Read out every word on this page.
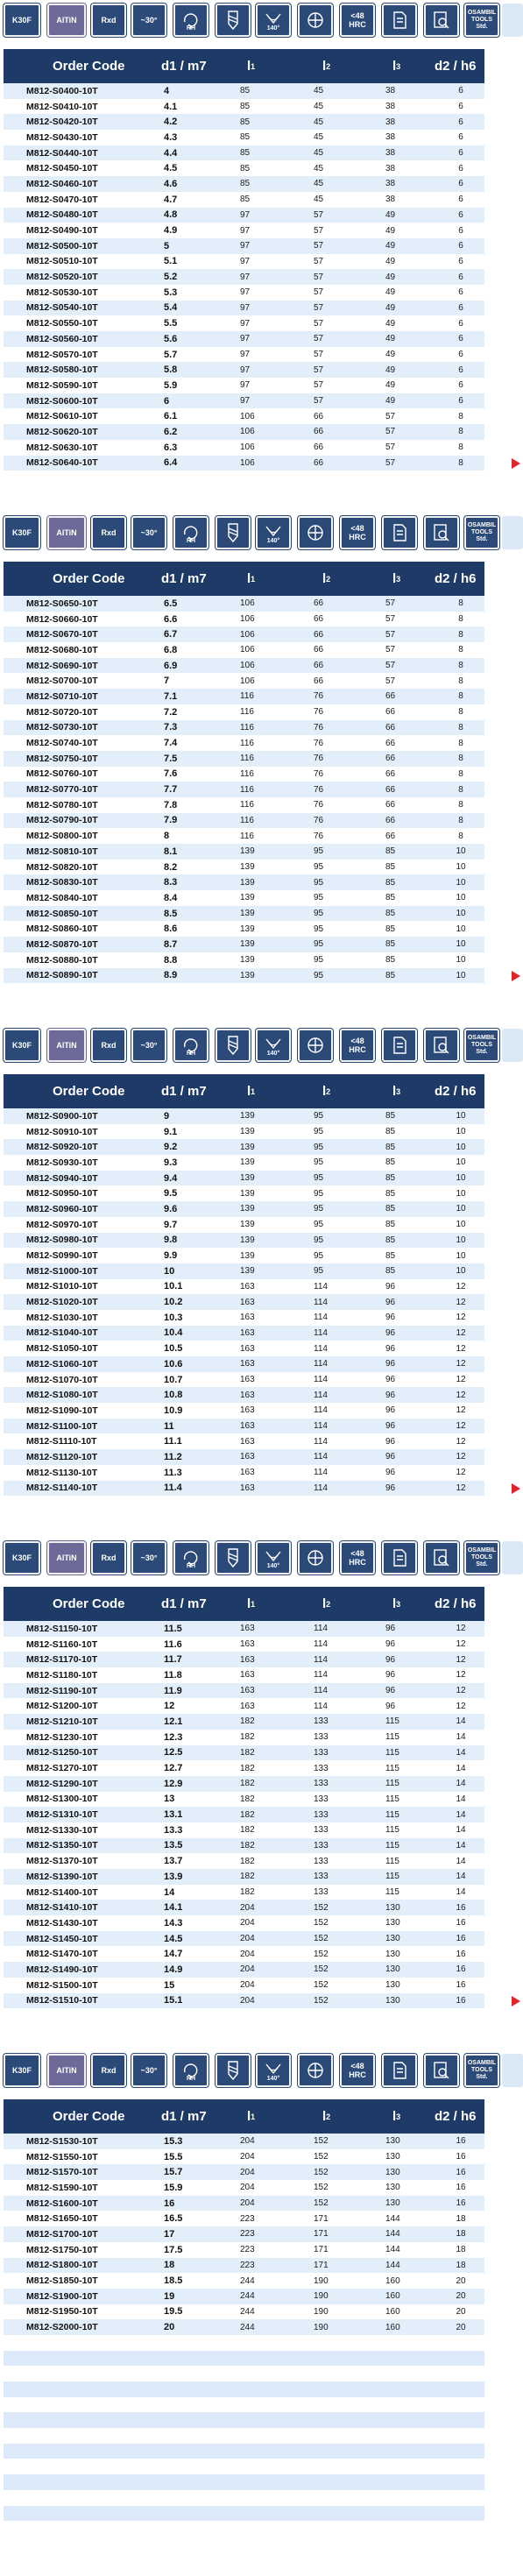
K30F	AlTiN	Rxd	~30°
RH	140°
<48 HRC
OSAMBIL
TOOLS
Std.
Order Code	d1 / m7	l 1	l 2	l 3	d2 / h6
M812-S0400-10T	4	85	45	38	6
M812-S0410-10T	4.1	85	45	38	6
M812-S0420-10T	4.2	85	45	38	6
M812-S0430-10T	4.3	85	45	38	6
M812-S0440-10T	4.4	85	45	38	6
M812-S0450-10T	4.5	85	45	38	6
M812-S0460-10T	4.6	85	45	38	6
M812-S0470-10T	4.7	85	45	38	6
M812-S0480-10T	4.8	97	57	49	6
M812-S0490-10T	4.9	97	57	49	6
M812-S0500-10T	5	97	57	49	6
M812-S0510-10T	5.1	97	57	49	6
M812-S0520-10T	5.2	97	57	49	6
M812-S0530-10T	5.3	97	57	49	6
M812-S0540-10T	5.4	97	57	49	6
M812-S0550-10T	5.5	97	57	49	6
M812-S0560-10T	5.6	97	57	49	6
M812-S0570-10T	5.7	97	57	49	6
M812-S0580-10T	5.8	97	57	49	6
M812-S0590-10T	5.9	97	57	49	6
M812-S0600-10T	6	97	57	49	6
M812-S0610-10T	6.1	106	66	57	8
M812-S0620-10T	6.2	106	66	57	8
M812-S0630-10T	6.3	106	66	57	8
M812-S0640-10T	6.4	106	66	57	8
K30F	AlTiN	Rxd	~30°
RH	140°
<48 HRC
OSAMBIL
TOOLS
Std.
Order Code	d1 / m7	l 1	l 2	l 3	d2 / h6
M812-S0650-10T	6.5	106	66	57	8
M812-S0660-10T	6.6	106	66	57	8
M812-S0670-10T	6.7	106	66	57	8
M812-S0680-10T	6.8	106	66	57	8
M812-S0690-10T	6.9	106	66	57	8
M812-S0700-10T	7	106	66	57	8
M812-S0710-10T	7.1	116	76	66	8
M812-S0720-10T	7.2	116	76	66	8
M812-S0730-10T	7.3	116	76	66	8
M812-S0740-10T	7.4	116	76	66	8
M812-S0750-10T	7.5	116	76	66	8
M812-S0760-10T	7.6	116	76	66	8
M812-S0770-10T	7.7	116	76	66	8
M812-S0780-10T	7.8	116	76	66	8
M812-S0790-10T	7.9	116	76	66	8
M812-S0800-10T	8	116	76	66	8
M812-S0810-10T	8.1	139	95	85	10
M812-S0820-10T	8.2	139	95	85	10
M812-S0830-10T	8.3	139	95	85	10
M812-S0840-10T	8.4	139	95	85	10
M812-S0850-10T	8.5	139	95	85	10
M812-S0860-10T	8.6	139	95	85	10
M812-S0870-10T	8.7	139	95	85	10
M812-S0880-10T	8.8	139	95	85	10
M812-S0890-10T	8.9	139	95	85	10
K30F	AlTiN	Rxd	~30°
RH	140°
<48 HRC
OSAMBIL
TOOLS
Std.
Order Code	d1 / m7	l 1	l 2	l 3	d2 / h6
M812-S0900-10T	9	139	95	85	10
M812-S0910-10T	9.1	139	95	85	10
M812-S0920-10T	9.2	139	95	85	10
M812-S0930-10T	9.3	139	95	85	10
M812-S0940-10T	9.4	139	95	85	10
M812-S0950-10T	9.5	139	95	85	10
M812-S0960-10T	9.6	139	95	85	10
M812-S0970-10T	9.7	139	95	85	10
M812-S0980-10T	9.8	139	95	85	10
M812-S0990-10T	9.9	139	95	85	10
M812-S1000-10T	10	139	95	85	10
M812-S1010-10T	10.1	163	114	96	12
M812-S1020-10T	10.2	163	114	96	12
M812-S1030-10T	10.3	163	114	96	12
M812-S1040-10T	10.4	163	114	96	12
M812-S1050-10T	10.5	163	114	96	12
M812-S1060-10T	10.6	163	114	96	12
M812-S1070-10T	10.7	163	114	96	12
M812-S1080-10T	10.8	163	114	96	12
M812-S1090-10T	10.9	163	114	96	12
M812-S1100-10T	11	163	114	96	12
M812-S1110-10T	11.1	163	114	96	12
M812-S1120-10T	11.2	163	114	96	12
M812-S1130-10T	11.3	163	114	96	12
M812-S1140-10T	11.4	163	114	96	12
K30F	AlTiN	Rxd	~30°
RH	140°
<48 HRC
OSAMBIL
TOOLS
Std.
Order Code	d1 / m7	l 1	l 2	l 3	d2 / h6
M812-S1150-10T	11.5	163	114	96	12
M812-S1160-10T	11.6	163	114	96	12
M812-S1170-10T	11.7	163	114	96	12
M812-S1180-10T	11.8	163	114	96	12
M812-S1190-10T	11.9	163	114	96	12
M812-S1200-10T	12	163	114	96	12
M812-S1210-10T	12.1	182	133	115	14
M812-S1230-10T	12.3	182	133	115	14
M812-S1250-10T	12.5	182	133	115	14
M812-S1270-10T	12.7	182	133	115	14
M812-S1290-10T	12.9	182	133	115	14
M812-S1300-10T	13	182	133	115	14
M812-S1310-10T	13.1	182	133	115	14
M812-S1330-10T	13.3	182	133	115	14
M812-S1350-10T	13.5	182	133	115	14
M812-S1370-10T	13.7	182	133	115	14
M812-S1390-10T	13.9	182	133	115	14
M812-S1400-10T	14	182	133	115	14
M812-S1410-10T	14.1	204	152	130	16
M812-S1430-10T	14.3	204	152	130	16
M812-S1450-10T	14.5	204	152	130	16
M812-S1470-10T	14.7	204	152	130	16
M812-S1490-10T	14.9	204	152	130	16
M812-S1500-10T	15	204	152	130	16
M812-S1510-10T	15.1	204	152	130	16
K30F	AlTiN	Rxd	~30°
RH	140°
<48 HRC
OSAMBIL
TOOLS
Std.
Order Code	d1 / m7	l 1	l 2	l 3	d2 / h6
M812-S1530-10T	15.3	204	152	130	16
M812-S1550-10T	15.5	204	152	130	16
M812-S1570-10T	15.7	204	152	130	16
M812-S1590-10T	15.9	204	152	130	16
M812-S1600-10T	16	204	152	130	16
M812-S1650-10T	16.5	223	171	144	18
M812-S1700-10T	17	223	171	144	18
M812-S1750-10T	17.5	223	171	144	18
M812-S1800-10T	18	223	171	144	18
M812-S1850-10T	18.5	244	190	160	20
M812-S1900-10T	19	244	190	160	20
M812-S1950-10T	19.5	244	190	160	20
M812-S2000-10T	20	244	190	160	20
